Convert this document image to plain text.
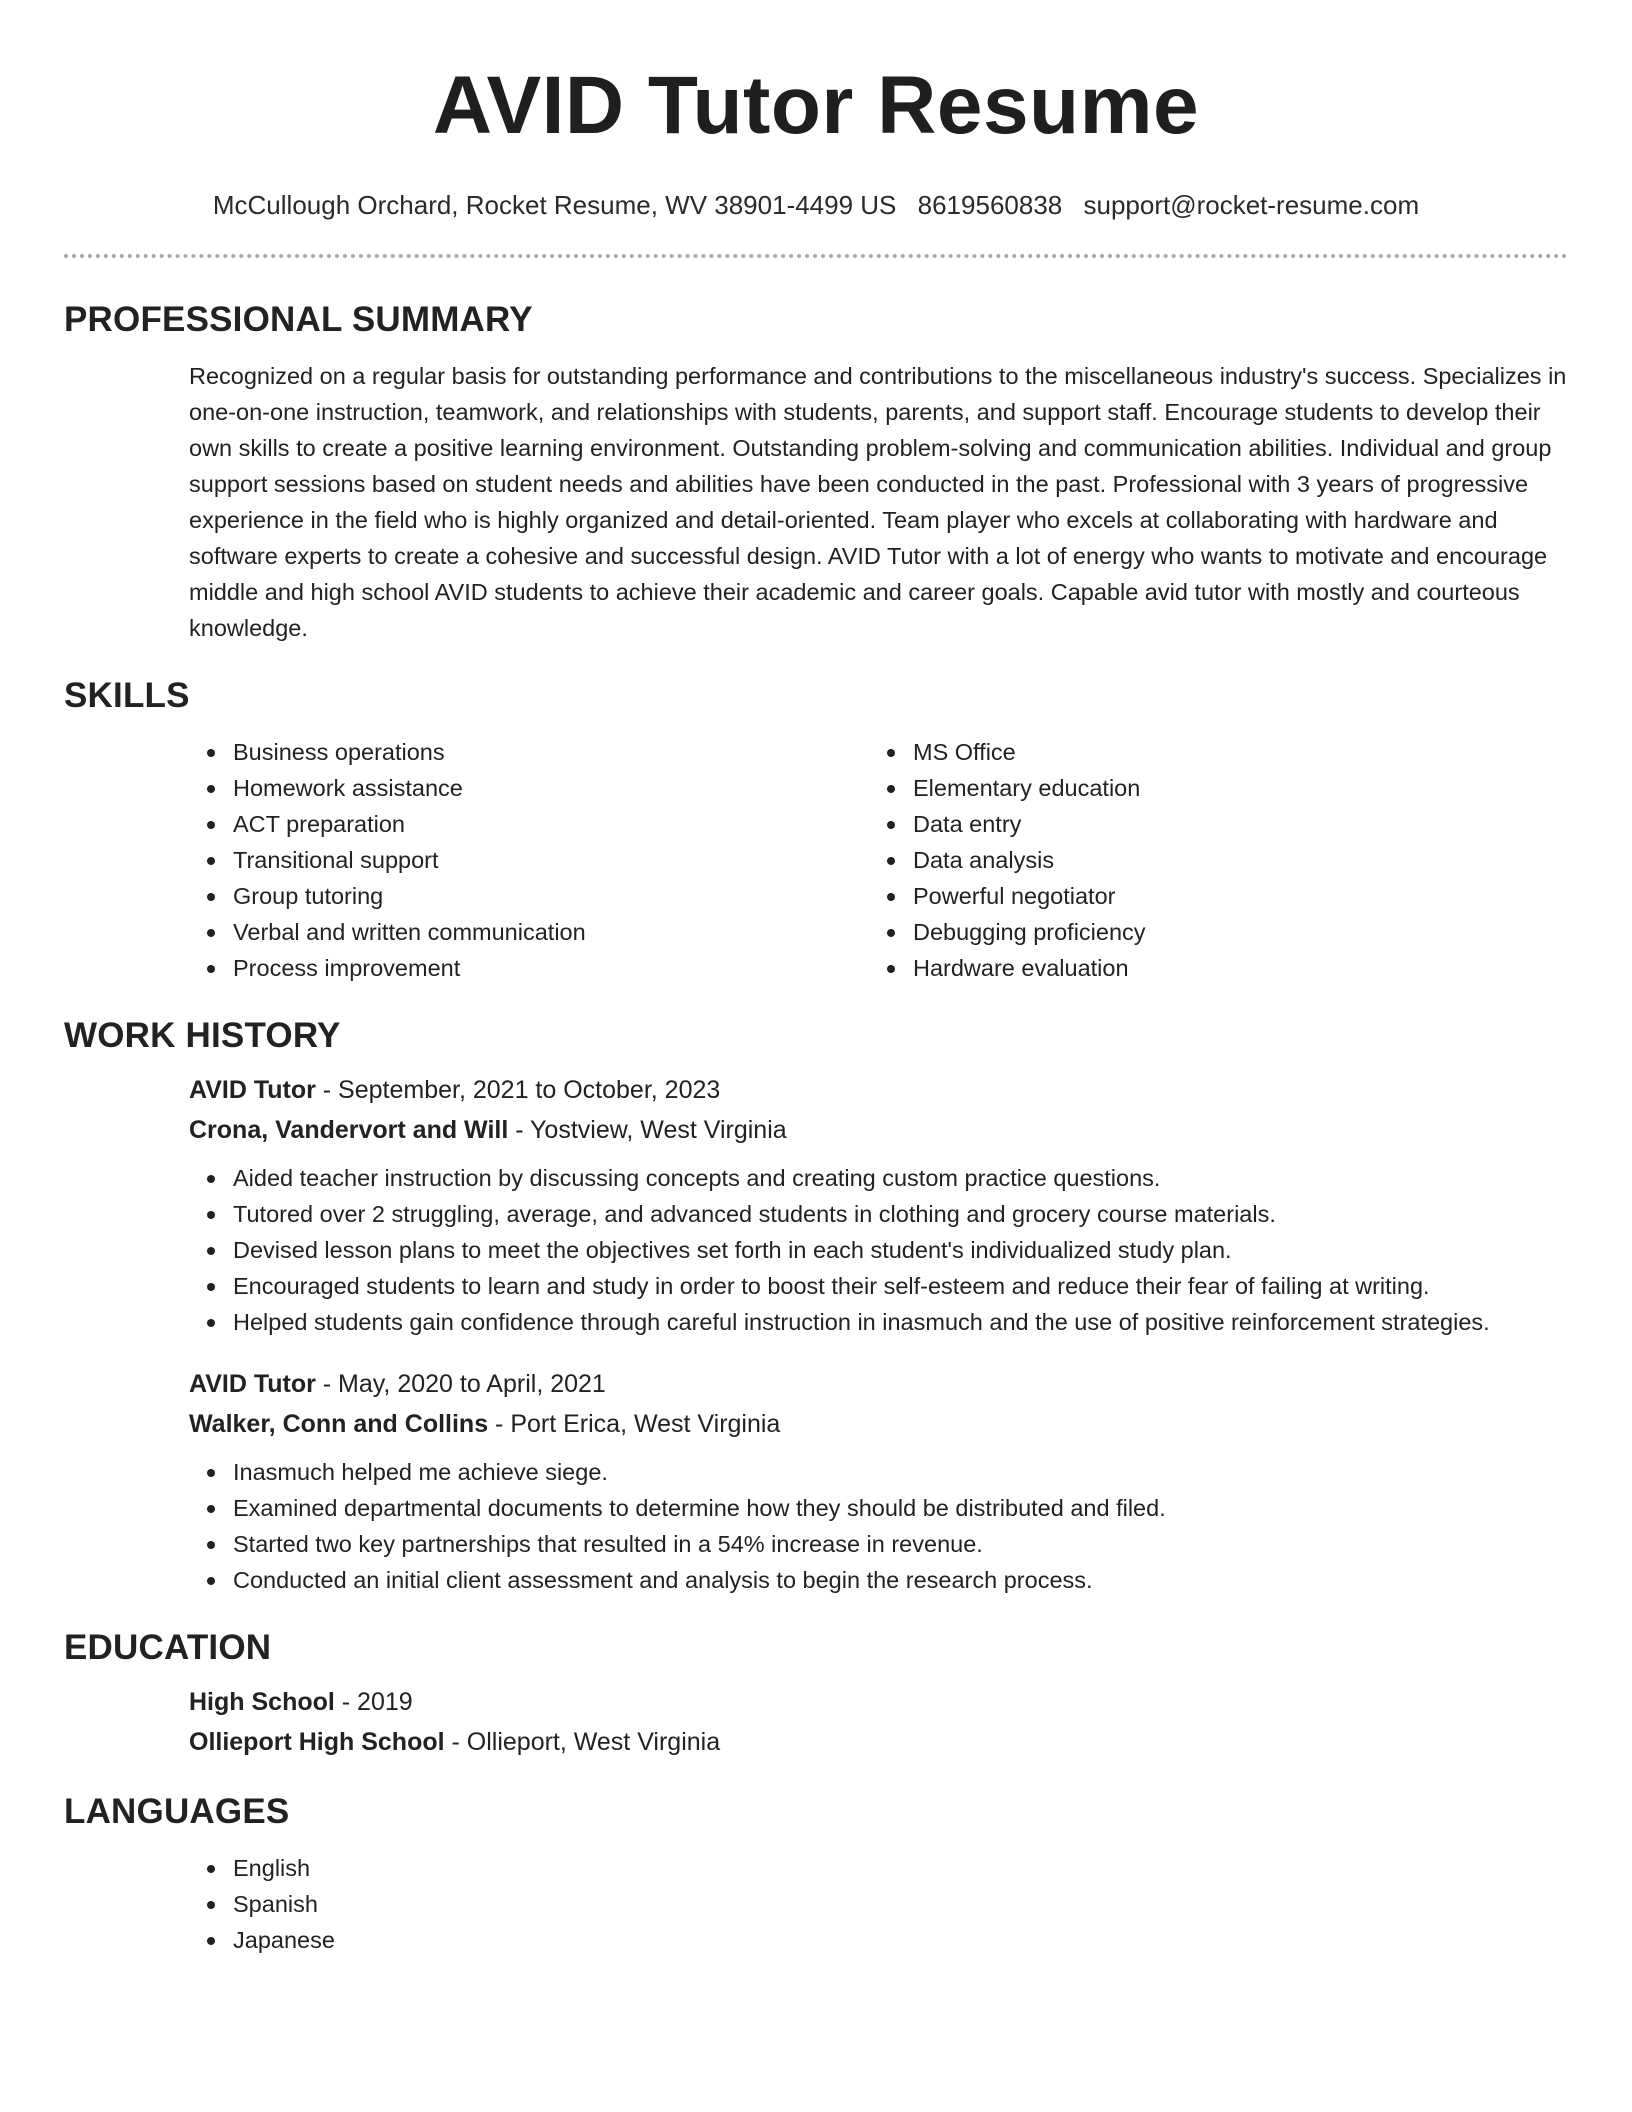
AVID Tutor Resume
McCullough Orchard, Rocket Resume, WV 38901-4499 US 8619560838 support@rocket-resume.com
PROFESSIONAL SUMMARY

Recognized on a regular basis for outstanding performance and contributions to the miscellaneous industry's success. Specializes in one-on-one instruction, teamwork, and relationships with students, parents, and support staff. Encourage students to develop their own skills to create a positive learning environment. Outstanding problem-solving and communication abilities. Individual and group support sessions based on student needs and abilities have been conducted in the past. Professional with 3 years of progressive experience in the field who is highly organized and detail-oriented. Team player who excels at collaborating with hardware and software experts to create a cohesive and successful design. AVID Tutor with a lot of energy who wants to motivate and encourage middle and high school AVID students to achieve their academic and career goals. Capable avid tutor with mostly and courteous knowledge.

SKILLS
Business operations
Homework assistance
ACT preparation
Transitional support
Group tutoring
Verbal and written communication
Process improvement
MS Office
Elementary education
Data entry
Data analysis
Powerful negotiator
Debugging proficiency
Hardware evaluation
WORK HISTORY
AVID Tutor - September, 2021 to October, 2023
Crona, Vandervort and Will - Yostview, West Virginia
Aided teacher instruction by discussing concepts and creating custom practice questions.
Tutored over 2 struggling, average, and advanced students in clothing and grocery course materials.
Devised lesson plans to meet the objectives set forth in each student's individualized study plan.
Encouraged students to learn and study in order to boost their self-esteem and reduce their fear of failing at writing.
Helped students gain confidence through careful instruction in inasmuch and the use of positive reinforcement strategies.
AVID Tutor - May, 2020 to April, 2021
Walker, Conn and Collins - Port Erica, West Virginia
Inasmuch helped me achieve siege.
Examined departmental documents to determine how they should be distributed and filed.
Started two key partnerships that resulted in a 54% increase in revenue.
Conducted an initial client assessment and analysis to begin the research process.
EDUCATION
High School - 2019
Ollieport High School - Ollieport, West Virginia
LANGUAGES
English
Spanish
Japanese
